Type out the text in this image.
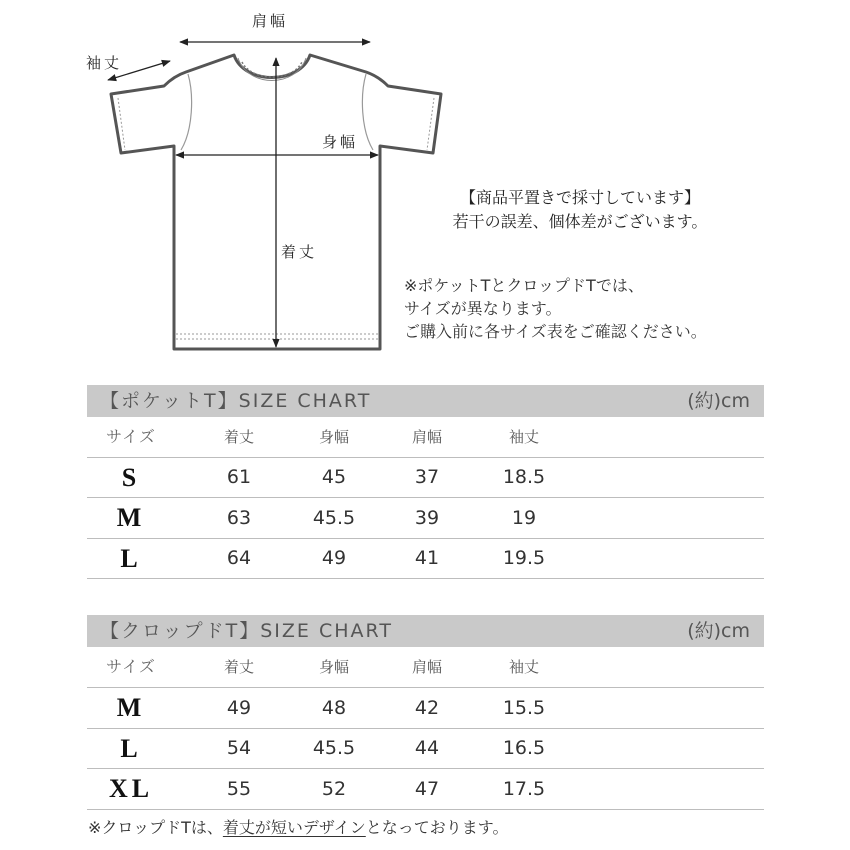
肩幅
袖丈
身幅
着丈
【商品平置きで採寸しています】
若干の誤差、個体差がございます。
※ポケットTとクロップドTでは、
サイズが異なります。
ご購入前に各サイズ表をご確認ください。
【ポケットT】SIZE CHART	(約)cm
サイズ	着丈	身幅	肩幅	袖丈
S	61	45	37	18.5
M	63	45.5	39	19
L	64	49	41	19.5
【クロップドT】SIZE CHART	(約)cm
サイズ	着丈	身幅	肩幅	袖丈
M	49	48	42	15.5
L	54	45.5	44	16.5
XL	55	52	47	17.5
※クロップドTは、着丈が短いデザインとなっております。
